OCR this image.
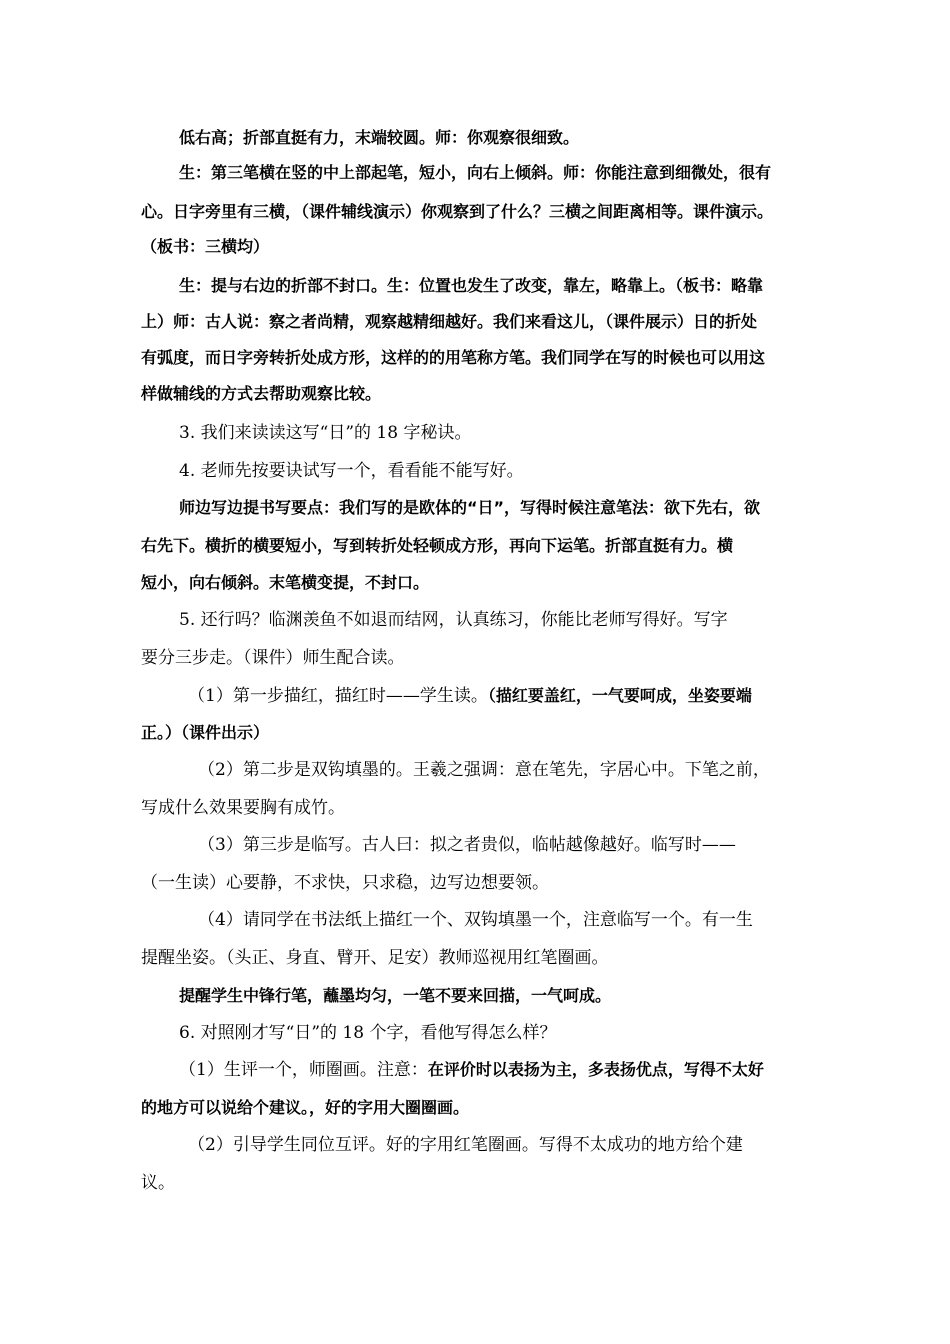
低右高；折部直挺有力，末端较圆。师：你观察很细致。
生：第三笔横在竖的中上部起笔，短小，向右上倾斜。师：你能注意到细微处，很有
心。日字旁里有三横，（课件辅线演示）你观察到了什么？三横之间距离相等。课件演示。
（板书：三横均）
生：提与右边的折部不封口。生：位置也发生了改变，靠左，略靠上。（板书：略靠
上）师：古人说：察之者尚精，观察越精细越好。我们来看这儿，（课件展示）日的折处
有弧度，而日字旁转折处成方形，这样的的用笔称方笔。我们同学在写的时候也可以用这
样做辅线的方式去帮助观察比较。
3. 我们来读读这写“日”的 18 字秘诀。
4. 老师先按要诀试写一个，看看能不能写好。
师边写边提书写要点：我们写的是欧体的“日”，写得时候注意笔法：欲下先右，欲
右先下。横折的横要短小，写到转折处轻顿成方形，再向下运笔。折部直挺有力。横
短小，向右倾斜。末笔横变提，不封口。
5. 还行吗？临渊羡鱼不如退而结网，认真练习，你能比老师写得好。写字
要分三步走。（课件）师生配合读。
（1）第一步描红，描红时——学生读。（描红要盖红，一气要呵成，坐姿要端
正。）（课件出示）
（2）第二步是双钩填墨的。王羲之强调：意在笔先，字居心中。下笔之前，
写成什么效果要胸有成竹。
（3）第三步是临写。古人曰：拟之者贵似，临帖越像越好。临写时——
（一生读）心要静，不求快，只求稳，边写边想要领。
（4）请同学在书法纸上描红一个、双钩填墨一个，注意临写一个。有一生
提醒坐姿。（头正、身直、臂开、足安）教师巡视用红笔圈画。
提醒学生中锋行笔，蘸墨均匀，一笔不要来回描，一气呵成。
6. 对照刚才写“日”的 18 个字，看他写得怎么样？
（1）生评一个，师圈画。注意：在评价时以表扬为主，多表扬优点，写得不太好
的地方可以说给个建议。，好的字用大圈圈画。
（2）引导学生同位互评。好的字用红笔圈画。写得不太成功的地方给个建
议。
